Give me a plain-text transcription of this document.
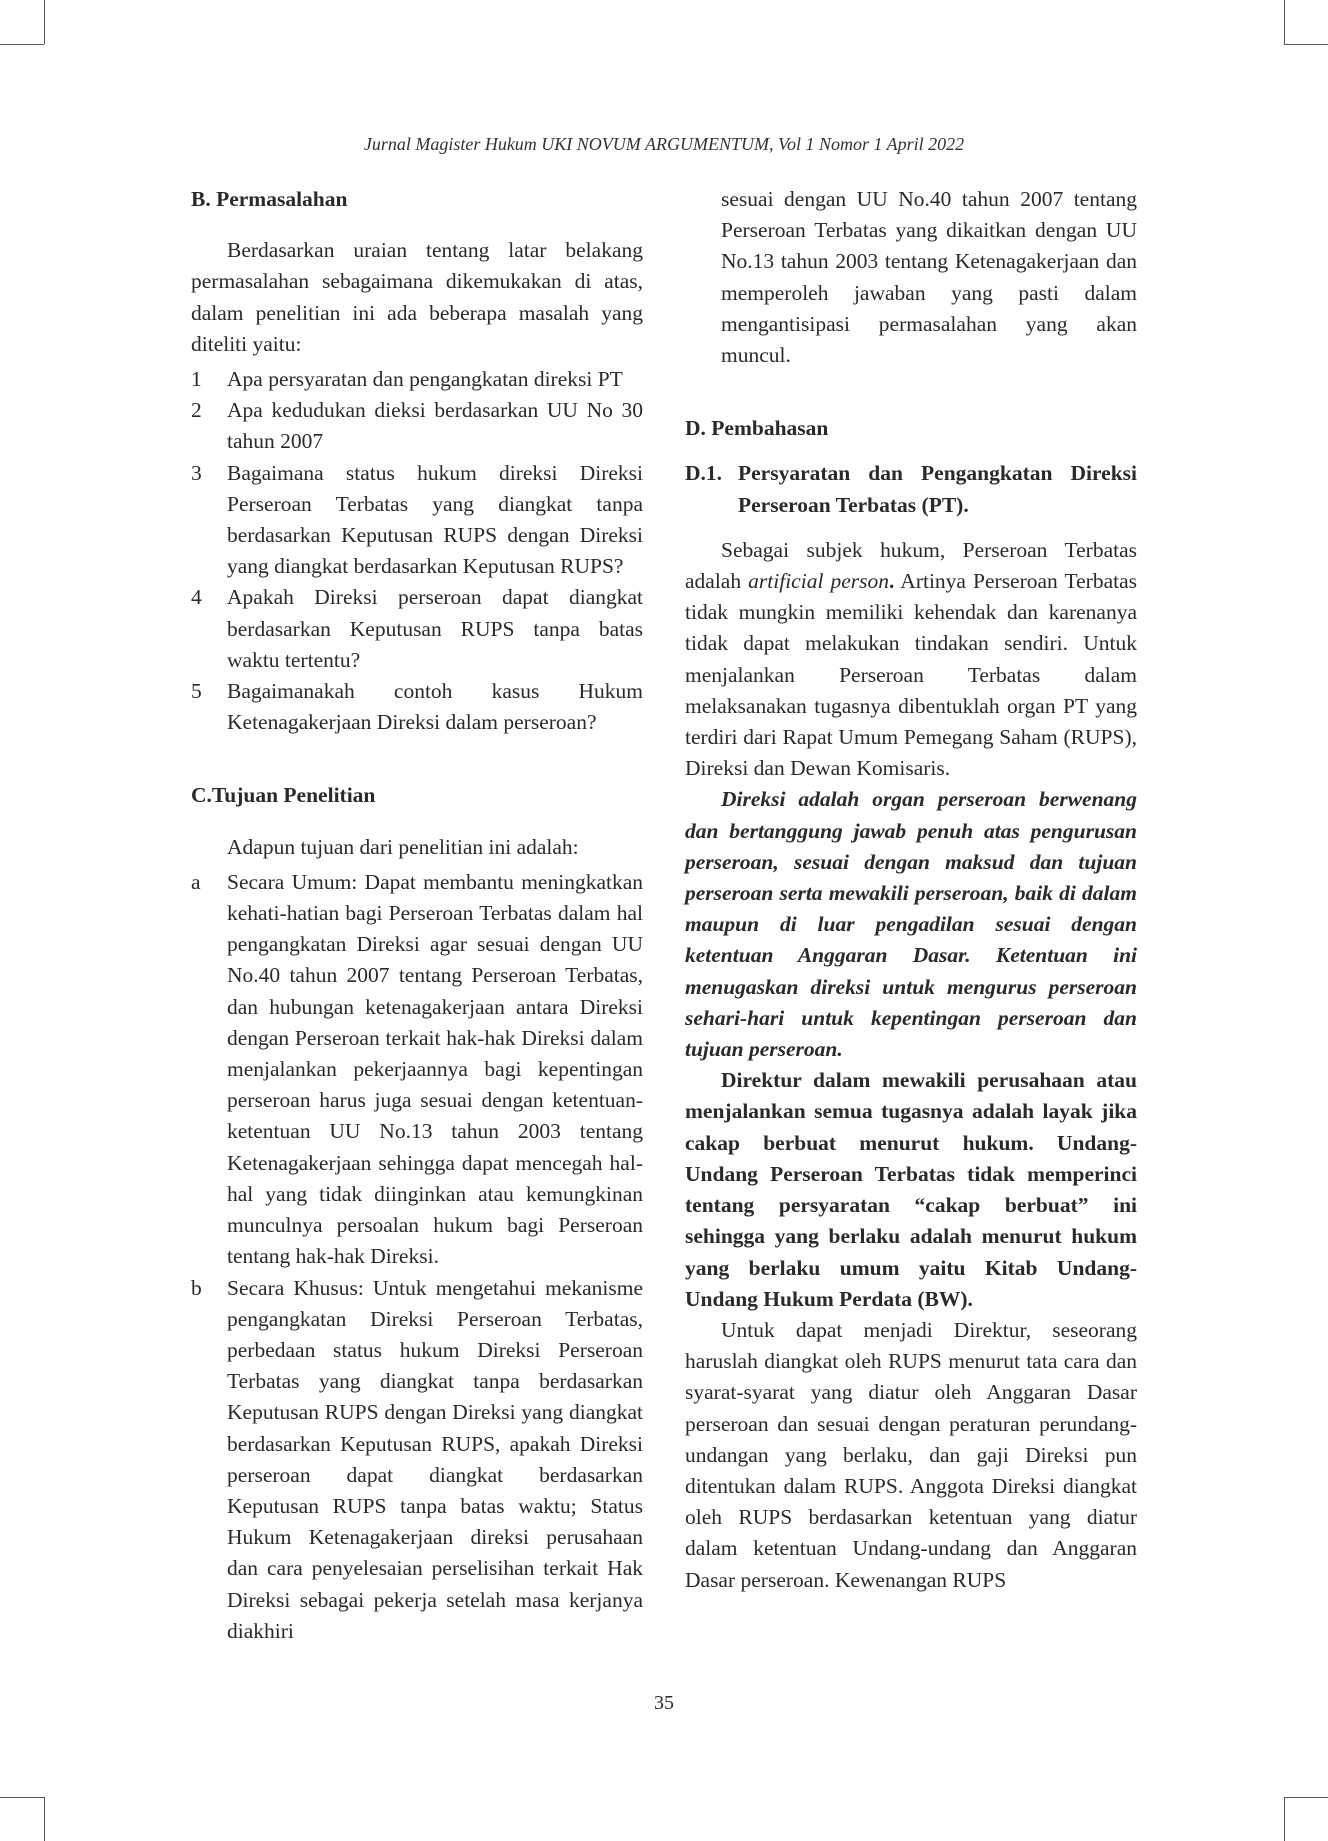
Jurnal Magister Hukum UKI NOVUM ARGUMENTUM, Vol 1 Nomor 1 April 2022

B. Permasalahan

Berdasarkan uraian tentang latar belakang permasalahan sebagaimana dikemukakan di atas, dalam penelitian ini ada beberapa masalah yang diteliti yaitu:

1 Apa persyaratan dan pengangkatan direksi PT
2 Apa kedudukan dieksi berdasarkan UU No 30 tahun 2007
3 Bagaimana status hukum direksi Direksi Perseroan Terbatas yang diangkat tanpa berdasarkan Keputusan RUPS dengan Direksi yang diangkat berdasarkan Keputusan RUPS?
4 Apakah Direksi perseroan dapat diangkat berdasarkan Keputusan RUPS tanpa batas waktu tertentu?
5 Bagaimanakah contoh kasus Hukum Ketenagakerjaan Direksi dalam perseroan?

C.Tujuan Penelitian

Adapun tujuan dari penelitian ini adalah:

a Secara Umum: Dapat membantu meningkatkan kehati-hatian bagi Perseroan Terbatas dalam hal pengangkatan Direksi agar sesuai dengan UU No.40 tahun 2007 tentang Perseroan Terbatas, dan hubungan ketenagakerjaan antara Direksi dengan Perseroan terkait hak-hak Direksi dalam menjalankan pekerjaannya bagi kepentingan perseroan harus juga sesuai dengan ketentuan-ketentuan UU No.13 tahun 2003 tentang Ketenagakerjaan sehingga dapat mencegah hal-hal yang tidak diinginkan atau kemungkinan munculnya persoalan hukum bagi Perseroan tentang hak-hak Direksi.
b Secara Khusus: Untuk mengetahui mekanisme pengangkatan Direksi Perseroan Terbatas, perbedaan status hukum Direksi Perseroan Terbatas yang diangkat tanpa berdasarkan Keputusan RUPS dengan Direksi yang diangkat berdasarkan Keputusan RUPS, apakah Direksi perseroan dapat diangkat berdasarkan Keputusan RUPS tanpa batas waktu; Status Hukum Ketenagakerjaan direksi perusahaan dan cara penyelesaian perselisihan terkait Hak Direksi sebagai pekerja setelah masa kerjanya diakhiri

sesuai dengan UU No.40 tahun 2007 tentang Perseroan Terbatas yang dikaitkan dengan UU No.13 tahun 2003 tentang Ketenagakerjaan dan memperoleh jawaban yang pasti dalam mengantisipasi permasalahan yang akan muncul.

D. Pembahasan

D.1. Persyaratan dan Pengangkatan Direksi Perseroan Terbatas (PT).

Sebagai subjek hukum, Perseroan Terbatas adalah artificial person. Artinya Perseroan Terbatas tidak mungkin memiliki kehendak dan karenanya tidak dapat melakukan tindakan sendiri. Untuk menjalankan Perseroan Terbatas dalam melaksanakan tugasnya dibentuklah organ PT yang terdiri dari Rapat Umum Pemegang Saham (RUPS), Direksi dan Dewan Komisaris.

Direksi adalah organ perseroan berwenang dan bertanggung jawab penuh atas pengurusan perseroan, sesuai dengan maksud dan tujuan perseroan serta mewakili perseroan, baik di dalam maupun di luar pengadilan sesuai dengan ketentuan Anggaran Dasar. Ketentuan ini menugaskan direksi untuk mengurus perseroan sehari-hari untuk kepentingan perseroan dan tujuan perseroan.

Direktur dalam mewakili perusahaan atau menjalankan semua tugasnya adalah layak jika cakap berbuat menurut hukum. Undang-Undang Perseroan Terbatas tidak memperinci tentang persyaratan “cakap berbuat” ini sehingga yang berlaku adalah menurut hukum yang berlaku umum yaitu Kitab Undang-Undang Hukum Perdata (BW).

Untuk dapat menjadi Direktur, seseorang haruslah diangkat oleh RUPS menurut tata cara dan syarat-syarat yang diatur oleh Anggaran Dasar perseroan dan sesuai dengan peraturan perundang-undangan yang berlaku, dan gaji Direksi pun ditentukan dalam RUPS. Anggota Direksi diangkat oleh RUPS berdasarkan ketentuan yang diatur dalam ketentuan Undang-undang dan Anggaran Dasar perseroan. Kewenangan RUPS

35
